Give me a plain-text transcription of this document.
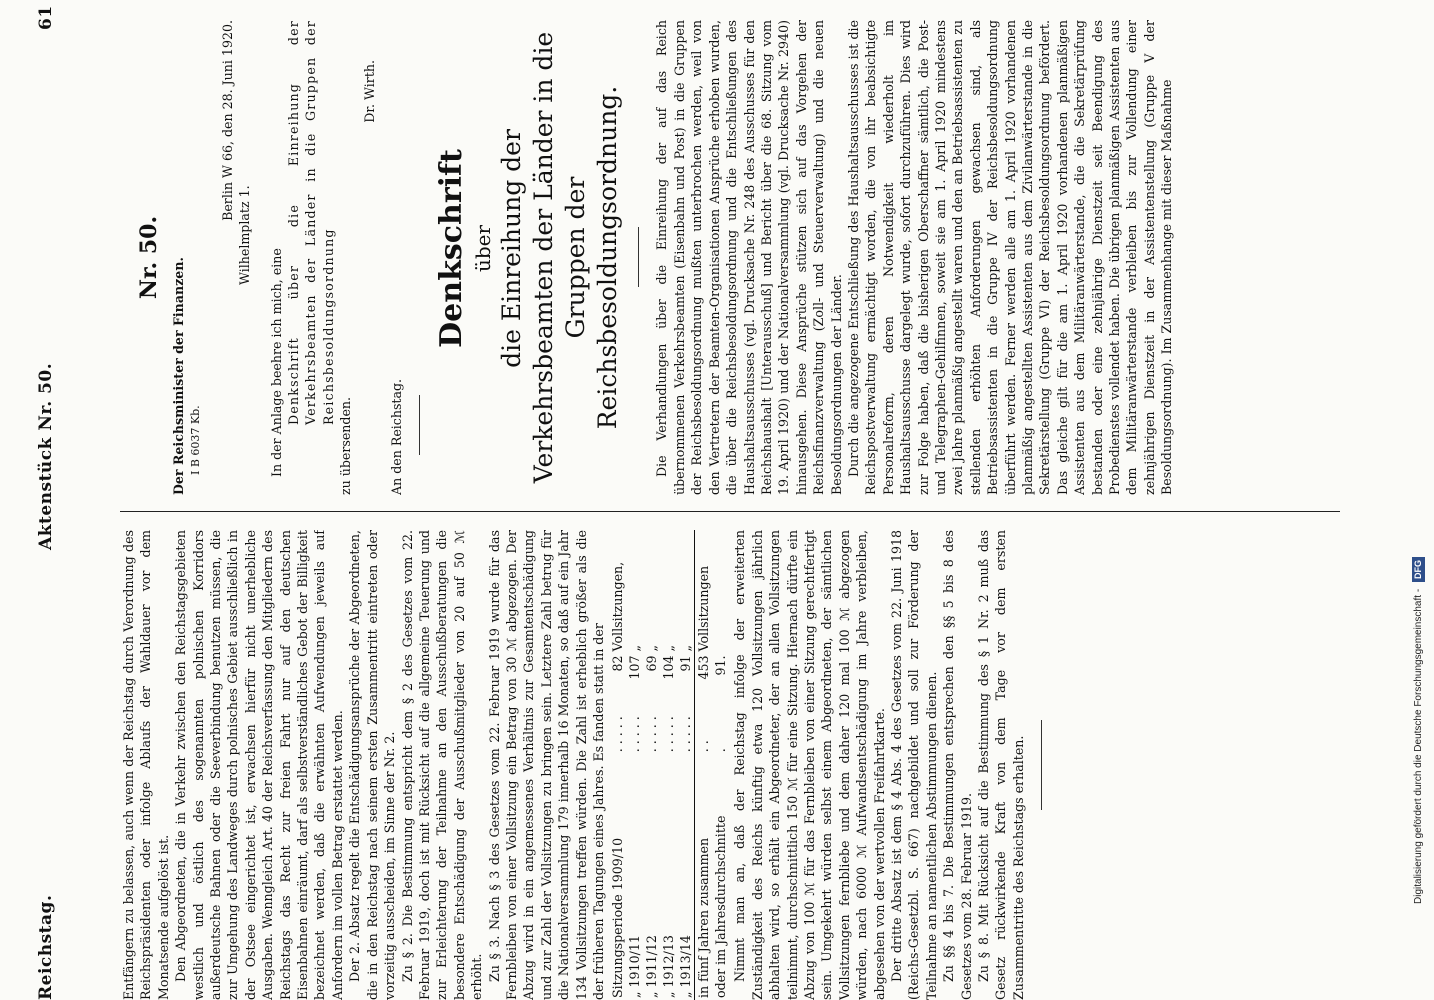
Reichstag.
Aktenstück Nr. 50.
61

Entfängern zu belassen, auch wenn der Reichstag durch Verordnung des Reichspräsidenten oder infolge Ablaufs der Wahldauer vor dem Monatsende aufgelöst ist. Den Abgeordneten, die in Verkehr zwischen den Reichstagsgebieten westlich und östlich des sogenannten polnischen Korridors außerdeutsche Bahnen oder die Seeverbindung benutzen müssen, die zur Umgehung des Landweges durch polnisches Gebiet ausschließlich in der Ostsee eingerichtet ist, erwachsen hierfür nicht unerhebliche Ausgaben. Wenngleich Art. 40 der Reichsverfassung den Mitgliedern des Reichstags das Recht zur freien Fahrt nur auf den deutschen Eisenbahnen einräumt, darf als selbstverständliches Gebot der Billigkeit bezeichnet werden, daß die erwähnten Aufwendungen jeweils auf Anfordern im vollen Betrag erstattet werden. Der 2. Absatz regelt die Entschädigungsansprüche der Abgeordneten, die in den Reichstag nach seinem ersten Zusammentritt eintreten oder vorzeitig ausscheiden, im Sinne der Nr. 2. Zu § 2. Die Bestimmung entspricht dem § 2 des Gesetzes vom 22. Februar 1919, doch ist mit Rücksicht auf die allgemeine Teuerung und zur Erleichterung der Teilnahme an den Ausschußberatungen die besondere Entschädigung der Ausschußmitglieder von 20 auf 50 ℳ erhöht. Zu § 3. Nach § 3 des Gesetzes vom 22. Februar 1919 wurde für das Fernbleiben von einer Vollsitzung ein Betrag von 30 ℳ abgezogen. Der Abzug wird in ein angemessenes Verhältnis zur Gesamtentschädigung und zur Zahl der Vollsitzungen zu bringen sein. Letztere Zahl betrug für die Nationalversammlung 179 innerhalb 16 Monaten, so daß auf ein Jahr 134 Vollsitzungen treffen würden. Die Zahl ist erheblich größer als die der früheren Tagungen eines Jahres. Es fanden statt in der Sitzungsperiode 1909/10	. . . . .	82	Vollsitzungen,
„ 1910/11	. . . . .	107	„
„ 1911/12	. . . . .	69	„
„ 1912/13	. . . . .	104	„
„ 1913/14	. . . . .	91	„
in fünf Jahren zusammen	. .	453	Vollsitzungen
oder im Jahresdurchschnitte	.	91.	Nimmt man an, daß der Reichstag infolge der erweiterten Zuständigkeit des Reichs künftig etwa 120 Vollsitzungen jährlich abhalten wird, so erhält ein Abgeordneter, der an allen Vollsitzungen teilnimmt, durchschnittlich 150 ℳ für eine Sitzung. Hiernach dürfte ein Abzug von 100 ℳ für das Fernbleiben von einer Sitzung gerechtfertigt sein. Umgekehrt würden selbst einem Abgeordneten, der sämtlichen Vollsitzungen fernbliebe und dem daher 120 mal 100 ℳ abgezogen würden, nach 6000 ℳ Aufwandsentschädigung im Jahre verbleiben, abgesehen von der wertvollen Freifahrtkarte. Der dritte Absatz ist dem § 4 Abs. 4 des Gesetzes vom 22. Juni 1918 (Reichs-Gesetzbl. S. 667) nachgebildet und soll zur Förderung der Teilnahme an namentlichen Abstimmungen dienen. Zu §§ 4 bis 7. Die Bestimmungen entsprechen den §§ 5 bis 8 des Gesetzes vom 28. Februar 1919. Zu § 8. Mit Rücksicht auf die Bestimmung des § 1 Nr. 2 muß das Gesetz rückwirkende Kraft von dem Tage vor dem ersten Zusammentritte des Reichstags erhalten.

Nr. 50. Der Reichsminister der Finanzen. I B 6037 Kb.

Berlin W 66, den 28. Juni 1920.

Wilhelmplatz 1.

In der Anlage beehre ich mich, eine Denkschrift über die Einreihung der Verkehrsbeamten der Länder in die Gruppen der Reichsbesoldungsordnung

zu übersenden.

Dr. Wirth.

An den Reichstag.

Denkschrift über die Einreihung der Verkehrsbeamten der Länder in die Gruppen der Reichsbesoldungsordnung.	Die Verhandlungen über die Einreihung der auf das Reich übernommenen Verkehrsbeamten (Eisenbahn und Post) in die Gruppen der Reichsbesoldungsordnung mußten unterbrochen werden, weil von den Vertretern der Beamten-Organisationen Ansprüche erhoben wurden, die über die Reichsbesoldungsordnung und die Entschließungen des Haushaltsausschusses (vgl. Drucksache Nr. 248 des Ausschusses für den Reichshaushalt [Unterausschuß] und Bericht über die 68. Sitzung vom 19. April 1920) und der Nationalversammlung (vgl. Drucksache Nr. 2940) hinausgehen. Diese Ansprüche stützen sich auf das Vorgehen der Reichsfinanzverwaltung (Zoll- und Steuerverwaltung) und die neuen Besoldungsordnungen der Länder. Durch die angezogene Entschließung des Haushaltsausschusses ist die Reichspostverwaltung ermächtigt worden, die von ihr beabsichtigte Personalreform, deren Notwendigkeit wiederholt im Haushaltsausschusse dargelegt wurde, sofort durchzuführen. Dies wird zur Folge haben, daß die bisherigen Oberschaffner sämtlich, die Post- und Telegraphen-Gehilfinnen, soweit sie am 1. April 1920 mindestens zwei Jahre planmäßig angestellt waren und den an Betriebsassistenten zu stellenden erhöhten Anforderungen gewachsen sind, als Betriebsassistenten in die Gruppe IV der Reichsbesoldungsordnung überführt werden. Ferner werden alle am 1. April 1920 vorhandenen planmäßig angestellten Assistenten aus dem Zivilanwärterstande in die Sekretärstellung (Gruppe VI) der Reichsbesoldungsordnung befördert. Das gleiche gilt für die am 1. April 1920 vorhandenen planmäßigen Assistenten aus dem Militäranwärterstande, die die Sekretärprüfung bestanden oder eine zehnjährige Dienstzeit seit Beendigung des Probedienstes vollendet haben. Die übrigen planmäßigen Assistenten aus dem Militäranwärterstande verbleiben bis zur Vollendung einer zehnjährigen Dienstzeit in der Assistentenstellung (Gruppe V der Besoldungsordnung). Im Zusammenhange mit dieser Maßnahme

Digitalisierung gefördert durch die Deutsche Forschungsgemeinschaft - DFG
